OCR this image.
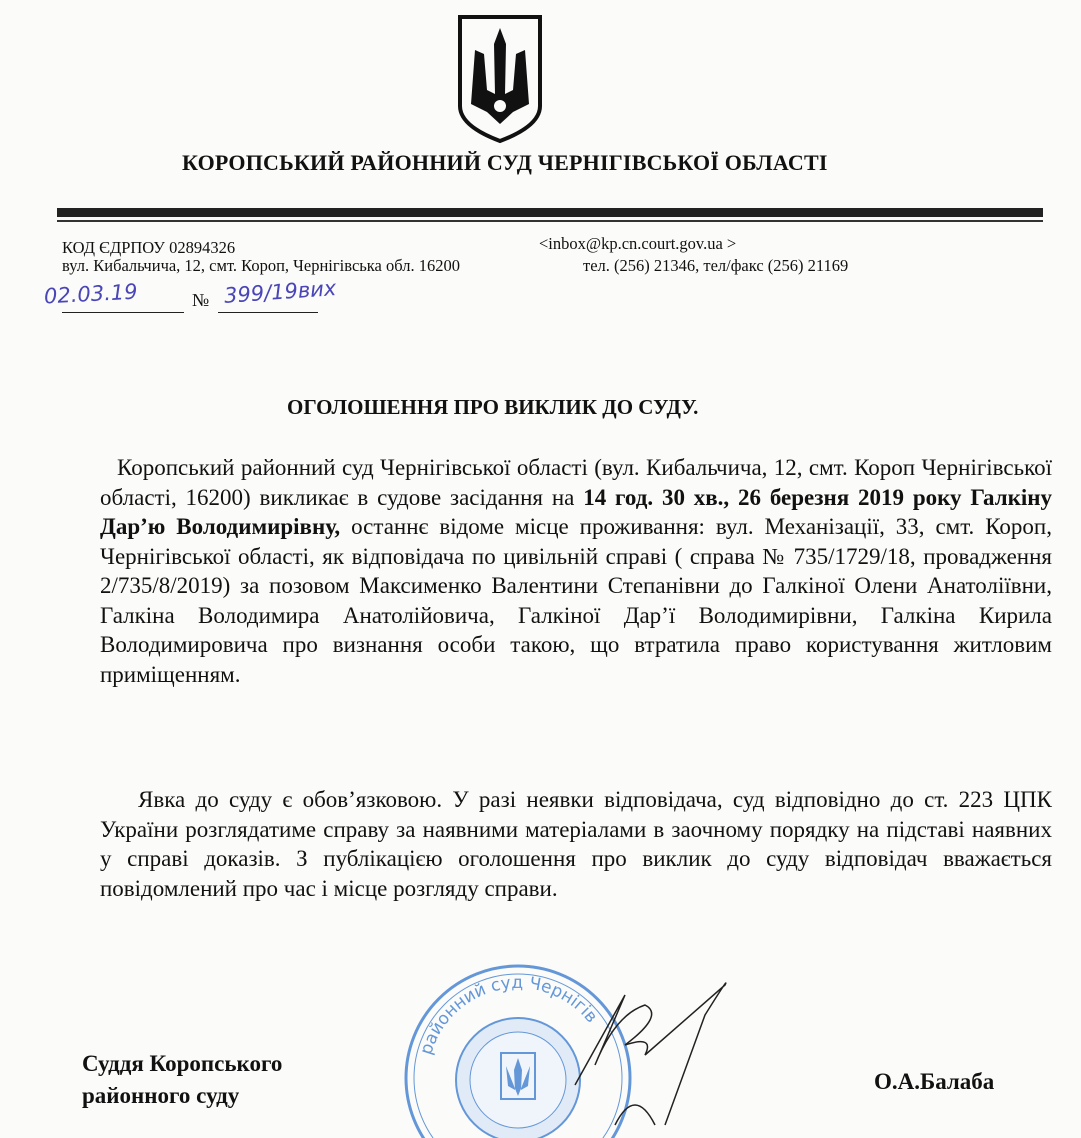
КОРОПСЬКИЙ РАЙОННИЙ СУД ЧЕРНІГІВСЬКОЇ ОБЛАСТІ
КОД ЄДРПОУ 02894326	<inbox@kp.cn.court.gov.ua >
вул. Кибальчича, 12, смт. Короп, Чернігівська обл. 16200	тел. (256) 21346, тел/факс (256) 21169
№
02.03.19	399/19вих
ОГОЛОШЕННЯ ПРО ВИКЛИК ДО СУДУ.
Коропський районний суд Чернігівської області (вул. Кибальчича, 12, смт. Короп Чернігівської області, 16200) викликає в судове засідання на 14 год. 30 хв., 26 березня 2019 року Галкіну Дар’ю Володимирівну, останнє відоме місце проживання: вул. Механізації, 33, смт. Короп, Чернігівської області, як відповідача по цивільній справі ( справа № 735/1729/18, провадження 2/735/8/2019) за позовом Максименко Валентини Степанівни до Галкіної Олени Анатоліївни, Галкіна Володимира Анатолійовича, Галкіної Дар’ї Володимирівни, Галкіна Кирила Володимировича про визнання особи такою, що втратила право користування житловим приміщенням.
Явка до суду є обов’язковою. У разі неявки відповідача, суд відповідно до ст. 223 ЦПК України розглядатиме справу за наявними матеріалами в заочному порядку на підставі наявних у справі доказів. З публікацією оголошення про виклик до суду відповідач вважається повідомлений про час і місце розгляду справи.
районний суд Чернігів
Суддя Коропського
районного суду
О.А.Балаба
